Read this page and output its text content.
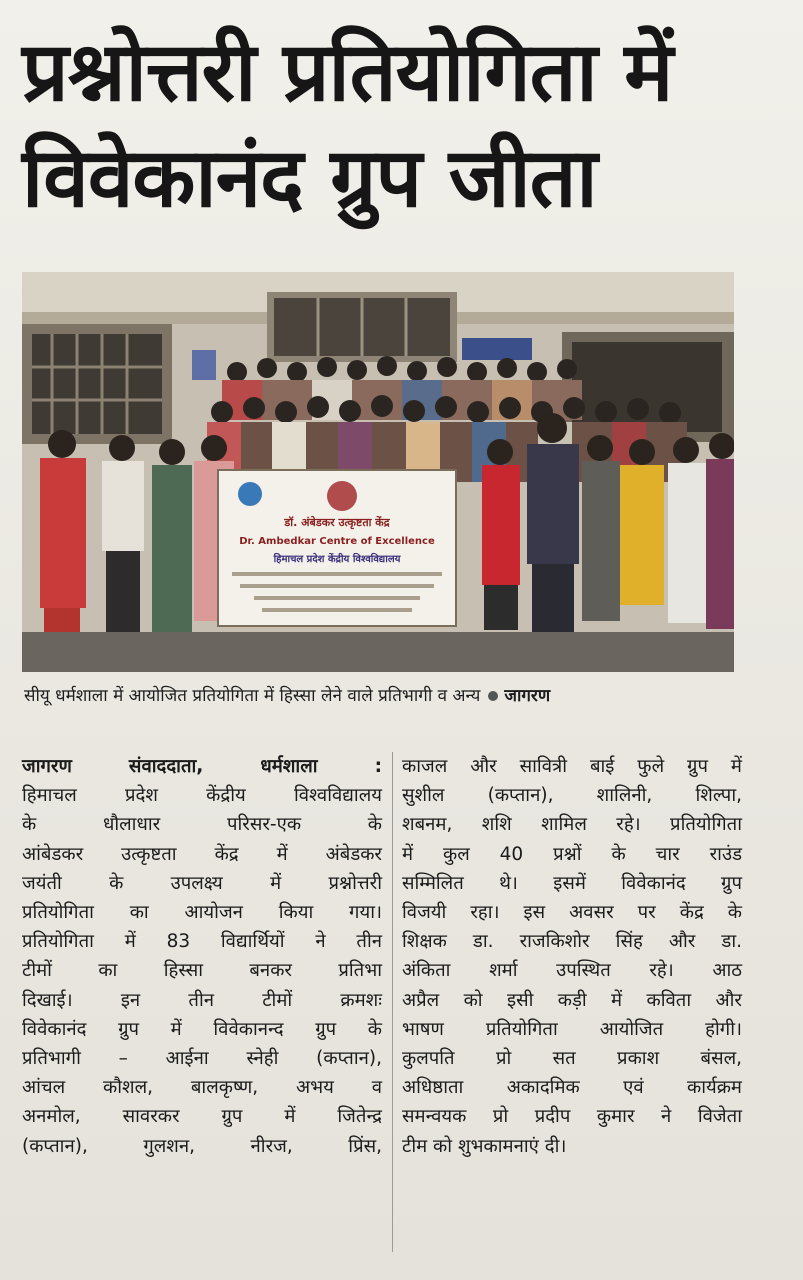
प्रश्नोत्तरी प्रतियोगिता में
विवेकानंद ग्रुप जीता
डॉ. अंबेडकर उत्कृष्टता केंद्र
Dr. Ambedkar Centre of Excellence
हिमाचल प्रदेश केंद्रीय विश्वविद्यालय
सीयू धर्मशाला में आयोजित प्रतियोगिता में हिस्सा लेने वाले प्रतिभागी व अन्य जागरण
जागरण संवाददाता, धर्मशाला :
हिमाचल प्रदेश केंद्रीय विश्वविद्यालय
के धौलाधार परिसर-एक के
आंबेडकर उत्कृष्टता केंद्र में अंबेडकर
जयंती के उपलक्ष्य में प्रश्नोत्तरी
प्रतियोगिता का आयोजन किया गया।
प्रतियोगिता में 83 विद्यार्थियों ने तीन
टीमों का हिस्सा बनकर प्रतिभा
दिखाई। इन तीन टीमों क्रमशः
विवेकानंद ग्रुप में विवेकानन्द ग्रुप के
प्रतिभागी – आईना स्नेही (कप्तान),
आंचल कौशल, बालकृष्ण, अभय व
अनमोल, सावरकर ग्रुप में जितेन्द्र
(कप्तान), गुलशन, नीरज, प्रिंस,
काजल और सावित्री बाई फुले ग्रुप में
सुशील (कप्तान), शालिनी, शिल्पा,
शबनम, शशि शामिल रहे। प्रतियोगिता
में कुल 40 प्रश्नों के चार राउंड
सम्मिलित थे। इसमें विवेकानंद ग्रुप
विजयी रहा। इस अवसर पर केंद्र के
शिक्षक डा. राजकिशोर सिंह और डा.
अंकिता शर्मा उपस्थित रहे। आठ
अप्रैल को इसी कड़ी में कविता और
भाषण प्रतियोगिता आयोजित होगी।
कुलपति प्रो सत प्रकाश बंसल,
अधिष्ठाता अकादमिक एवं कार्यक्रम
समन्वयक प्रो प्रदीप कुमार ने विजेता
टीम को शुभकामनाएं दी।
